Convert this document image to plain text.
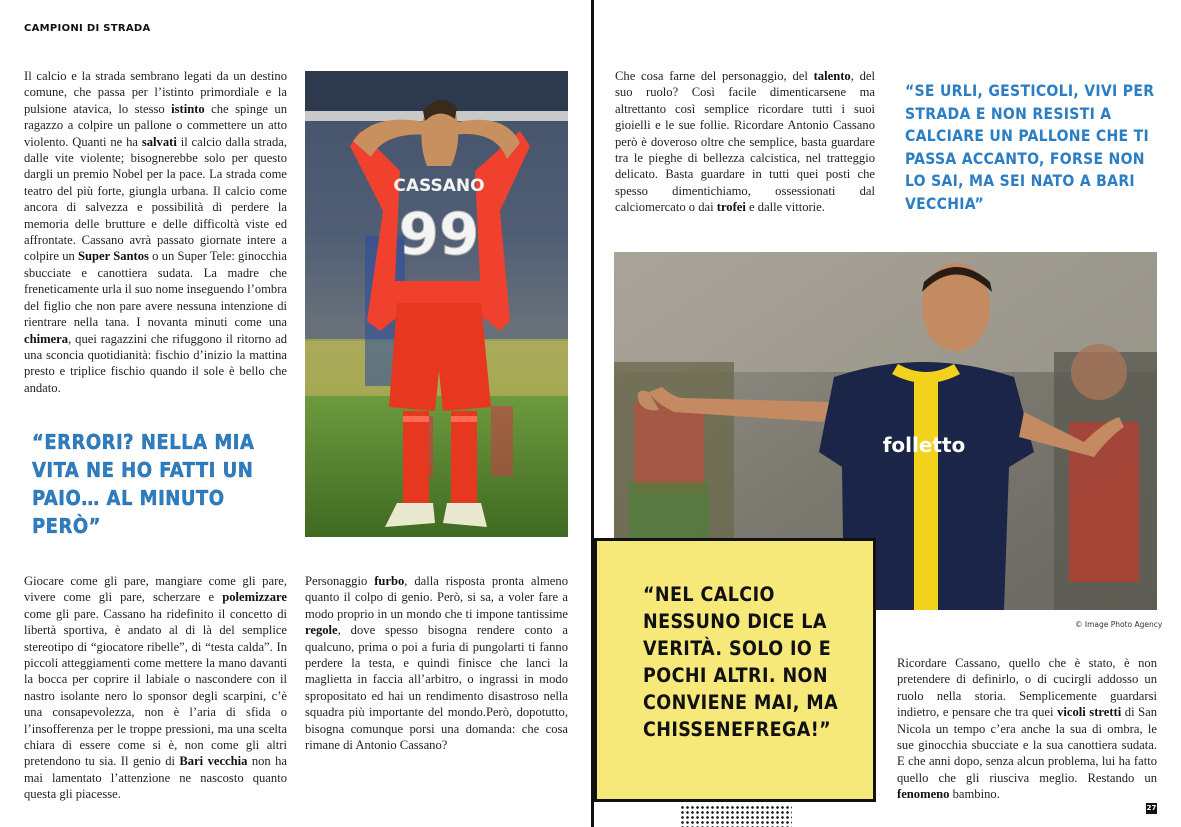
CAMPIONI DI STRADA

Il calcio e la strada sembrano legati da un destino comune, che passa per l’istinto primordiale e la pulsione atavica, lo stesso istinto che spinge un ragazzo a colpire un pallone o commettere un atto violento. Quanti ne ha salvati il calcio dalla strada, dalle vite violente; bisognerebbe solo per questo dargli un premio Nobel per la pace. La strada come teatro del più forte, giungla urbana. Il calcio come ancora di salvezza e possibilità di perdere la memoria delle brutture e delle difficoltà viste ed affrontate. Cassano avrà passato giornate intere a colpire un Super Santos o un Super Tele: ginocchia sbucciate e canottiera sudata. La madre che freneticamente urla il suo nome inseguendo l’ombra del figlio che non pare avere nessuna intenzione di rientrare nella tana. I novanta minuti come una chimera, quei ragazzini che rifuggono il ritorno ad una sconcia quotidianità: fischio d’inizio la mattina presto e triplice fischio quando il sole è bello che andato.

“ERRORI? NELLA MIA VITA NE HO FATTI UN PAIO… AL MINUTO PERÒ”

Giocare come gli pare, mangiare come gli pare, vivere come gli pare, scherzare e polemizzare come gli pare. Cassano ha ridefinito il concetto di libertà sportiva, è andato al di là del semplice stereotipo di “giocatore ribelle”, di “testa calda”. In piccoli atteggiamenti come mettere la mano davanti la bocca per coprire il labiale o nascondere con il nastro isolante nero lo sponsor degli scarpini, c’è una consapevolezza, non è l’aria di sfida o l’insofferenza per le troppe pressioni, ma una scelta chiara di essere come si è, non come gli altri pretendono tu sia. Il genio di Bari vecchia non ha mai lamentato l’attenzione ne nascosto quanto questa gli piacesse.

CASSANO
99

Personaggio furbo, dalla risposta pronta almeno quanto il colpo di genio. Però, si sa, a voler fare a modo proprio in un mondo che ti impone tantissime regole, dove spesso bisogna rendere conto a qualcuno, prima o poi a furia di pungolarti ti fanno perdere la testa, e quindi finisce che lanci la maglietta in faccia all’arbitro, o ingrassi in modo spropositato ed hai un rendimento disastroso nella squadra più importante del mondo.Però, dopotutto, bisogna comunque porsi una domanda: che cosa rimane di Antonio Cassano?

Che cosa farne del personaggio, del talento, del suo ruolo? Così facile dimenticarsene ma altrettanto così semplice ricordare tutti i suoi gioielli e le sue follie. Ricordare Antonio Cassano però è doveroso oltre che semplice, basta guardare tra le pieghe di bellezza calcistica, nel tratteggio delicato. Basta guardare in tutti quei posti che spesso dimentichiamo, ossessionati dal calciomercato o dai trofei e dalle vittorie.

“SE URLI, GESTICOLI, VIVI PER STRADA E NON RESISTI A CALCIARE UN PALLONE CHE TI PASSA ACCANTO, FORSE NON LO SAI, MA SEI NATO A BARI VECCHIA”

folletto
© Image Photo Agency

“NEL CALCIO NESSUNO DICE LA VERITÀ. SOLO IO E POCHI ALTRI. NON CONVIENE MAI, MA CHISSENEFREGA!”

Ricordare Cassano, quello che è stato, è non pretendere di definirlo, o di cucirgli addosso un ruolo nella storia. Semplicemente guardarsi indietro, e pensare che tra quei vicoli stretti di San Nicola un tempo c’era anche la sua di ombra, le sue ginocchia sbucciate e la sua canottiera sudata. E che anni dopo, senza alcun problema, lui ha fatto quello che gli riusciva meglio. Restando un fenomeno bambino.

27
